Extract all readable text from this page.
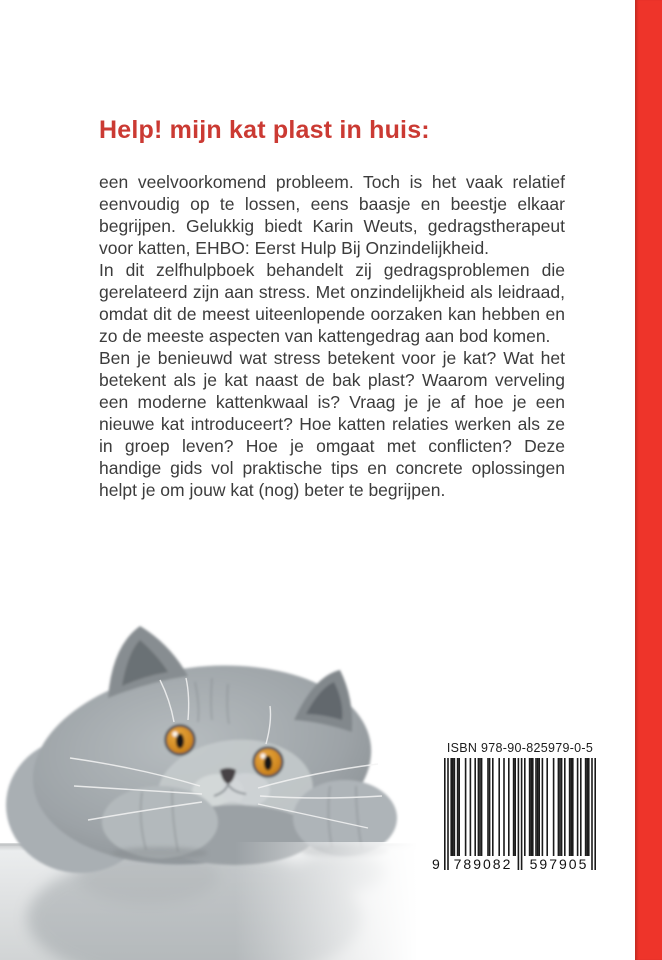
Help! mijn kat plast in huis:

een veelvoorkomend probleem. Toch is het vaak relatief eenvoudig op te lossen, eens baasje en beestje elkaar begrijpen. Gelukkig biedt Karin Weuts, gedragstherapeut voor katten, EHBO: Eerst Hulp Bij Onzindelijkheid.

In dit zelfhulpboek behandelt zij gedragsproblemen die gerelateerd zijn aan stress. Met onzindelijkheid als leidraad, omdat dit de meest uiteenlopende oorzaken kan hebben en zo de meeste aspecten van kattengedrag aan bod komen.

Ben je benieuwd wat stress betekent voor je kat? Wat het betekent als je kat naast de bak plast? Waarom verveling een moderne kattenkwaal is? Vraag je je af hoe je een nieuwe kat introduceert? Hoe katten relaties werken als ze in groep leven? Hoe je omgaat met conflicten? Deze handige gids vol praktische tips en concrete oplossingen helpt je om jouw kat (nog) beter te begrijpen.

ISBN 978-90-825979-0-5
9 789082 597905
